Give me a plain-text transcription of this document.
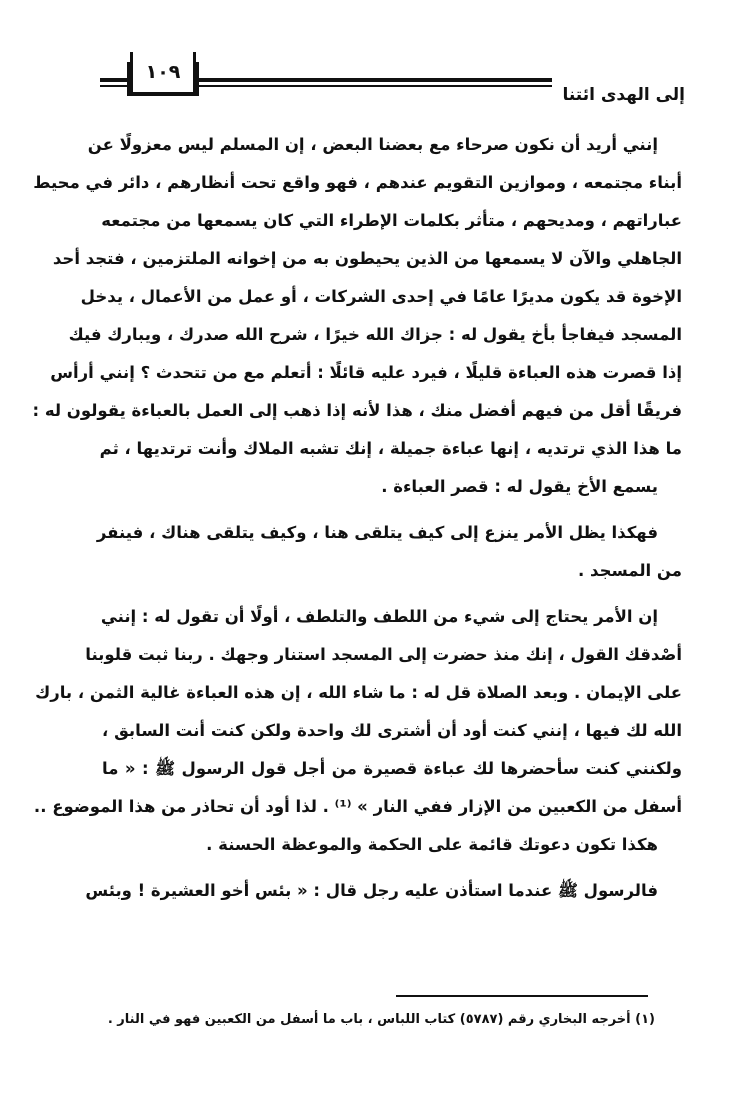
١٠٩
إلى الهدى ائتنا
إنني أريد أن نكون صرحاء مع بعضنا البعض ، إن المسلم ليس معزولًا عن
أبناء مجتمعه ، وموازين التقويم عندهم ، فهو واقع تحت أنظارهم ، دائر في محيط
عباراتهم ، ومديحهم ، متأثر بكلمات الإطراء التي كان يسمعها من مجتمعه
الجاهلي والآن لا يسمعها من الذين يحيطون به من إخوانه الملتزمين ، فتجد أحد
الإخوة قد يكون مديرًا عامًا في إحدى الشركات ، أو عمل من الأعمال ، يدخل
المسجد فيفاجأ بأخ يقول له : جزاك الله خيرًا ، شرح الله صدرك ، ويبارك فيك
إذا قصرت هذه العباءة قليلًا ، فيرد عليه قائلًا : أتعلم مع من تتحدث ؟ إنني أرأس
فريقًا أقل من فيهم أفضل منك ، هذا لأنه إذا ذهب إلى العمل بالعباءة يقولون له :
ما هذا الذي ترتديه ، إنها عباءة جميلة ، إنك تشبه الملاك وأنت ترتديها ، ثم
يسمع الأخ يقول له : قصر العباءة .
فهكذا يظل الأمر ينزع إلى كيف يتلقى هنا ، وكيف يتلقى هناك ، فينفر
من المسجد .
إن الأمر يحتاج إلى شيء من اللطف والتلطف ، أولًا أن تقول له : إنني
أصْدقك القول ، إنك منذ حضرت إلى المسجد استنار وجهك . ربنا ثبت قلوبنا
على الإيمان . وبعد الصلاة قل له : ما شاء الله ، إن هذه العباءة غالية الثمن ، بارك
الله لك فيها ، إنني كنت أود أن أشترى لك واحدة ولكن كنت أنت السابق ،
ولكنني كنت سأحضرها لك عباءة قصيرة من أجل قول الرسول ﷺ : « ما
أسفل من الكعبين من الإزار ففي النار » ⁽¹⁾ . لذا أود أن تحاذر من هذا الموضوع ..
هكذا تكون دعوتك قائمة على الحكمة والموعظة الحسنة .
فالرسول ﷺ عندما استأذن عليه رجل قال : « بئس أخو العشيرة ! وبئس
(١) أخرجه البخاري رقم (٥٧٨٧) كتاب اللباس ، باب ما أسفل من الكعبين فهو في النار .
